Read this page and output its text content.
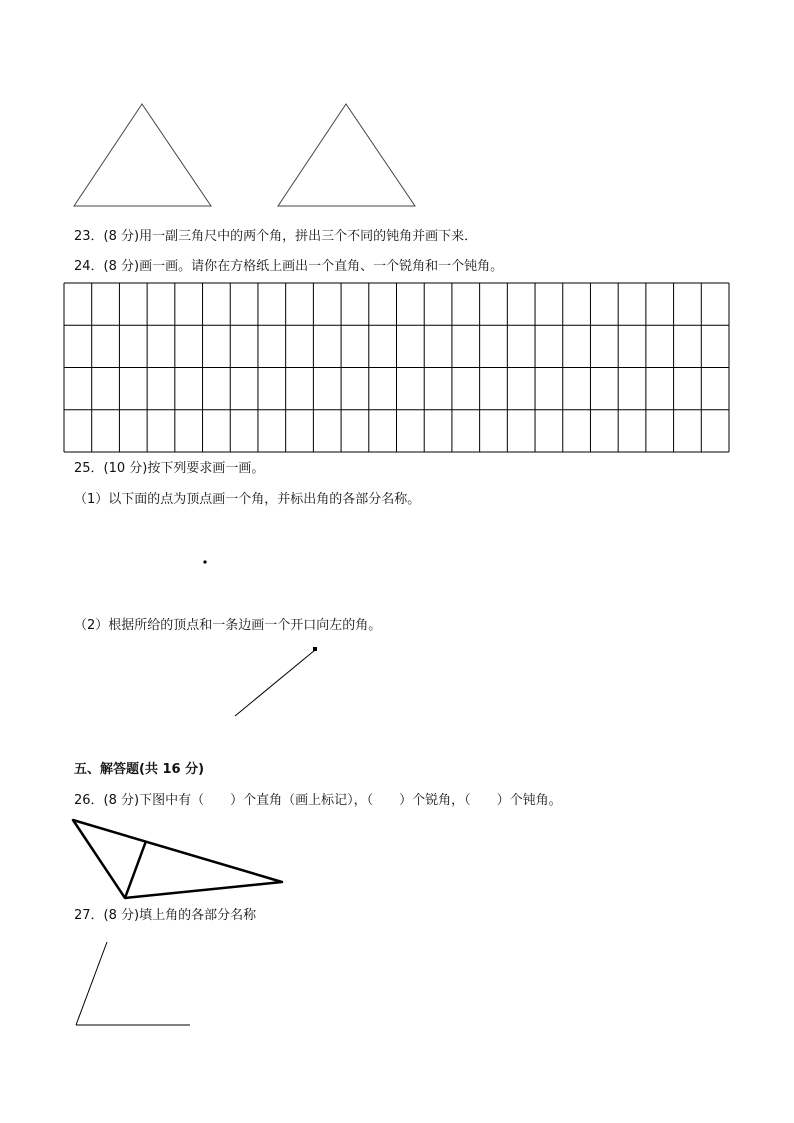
23．(8 分)用一副三角尺中的两个角，拼出三个不同的钝角并画下来．
24．(8 分)画一画。请你在方格纸上画出一个直角、一个锐角和一个钝角。
25．(10 分)按下列要求画一画。
（1）以下面的点为顶点画一个角，并标出角的各部分名称。
（2）根据所给的顶点和一条边画一个开口向左的角。
五、解答题(共 16 分)
26．(8 分)下图中有（　　）个直角（画上标记），（　　）个锐角，（　　）个钝角。
27．(8 分)填上角的各部分名称
